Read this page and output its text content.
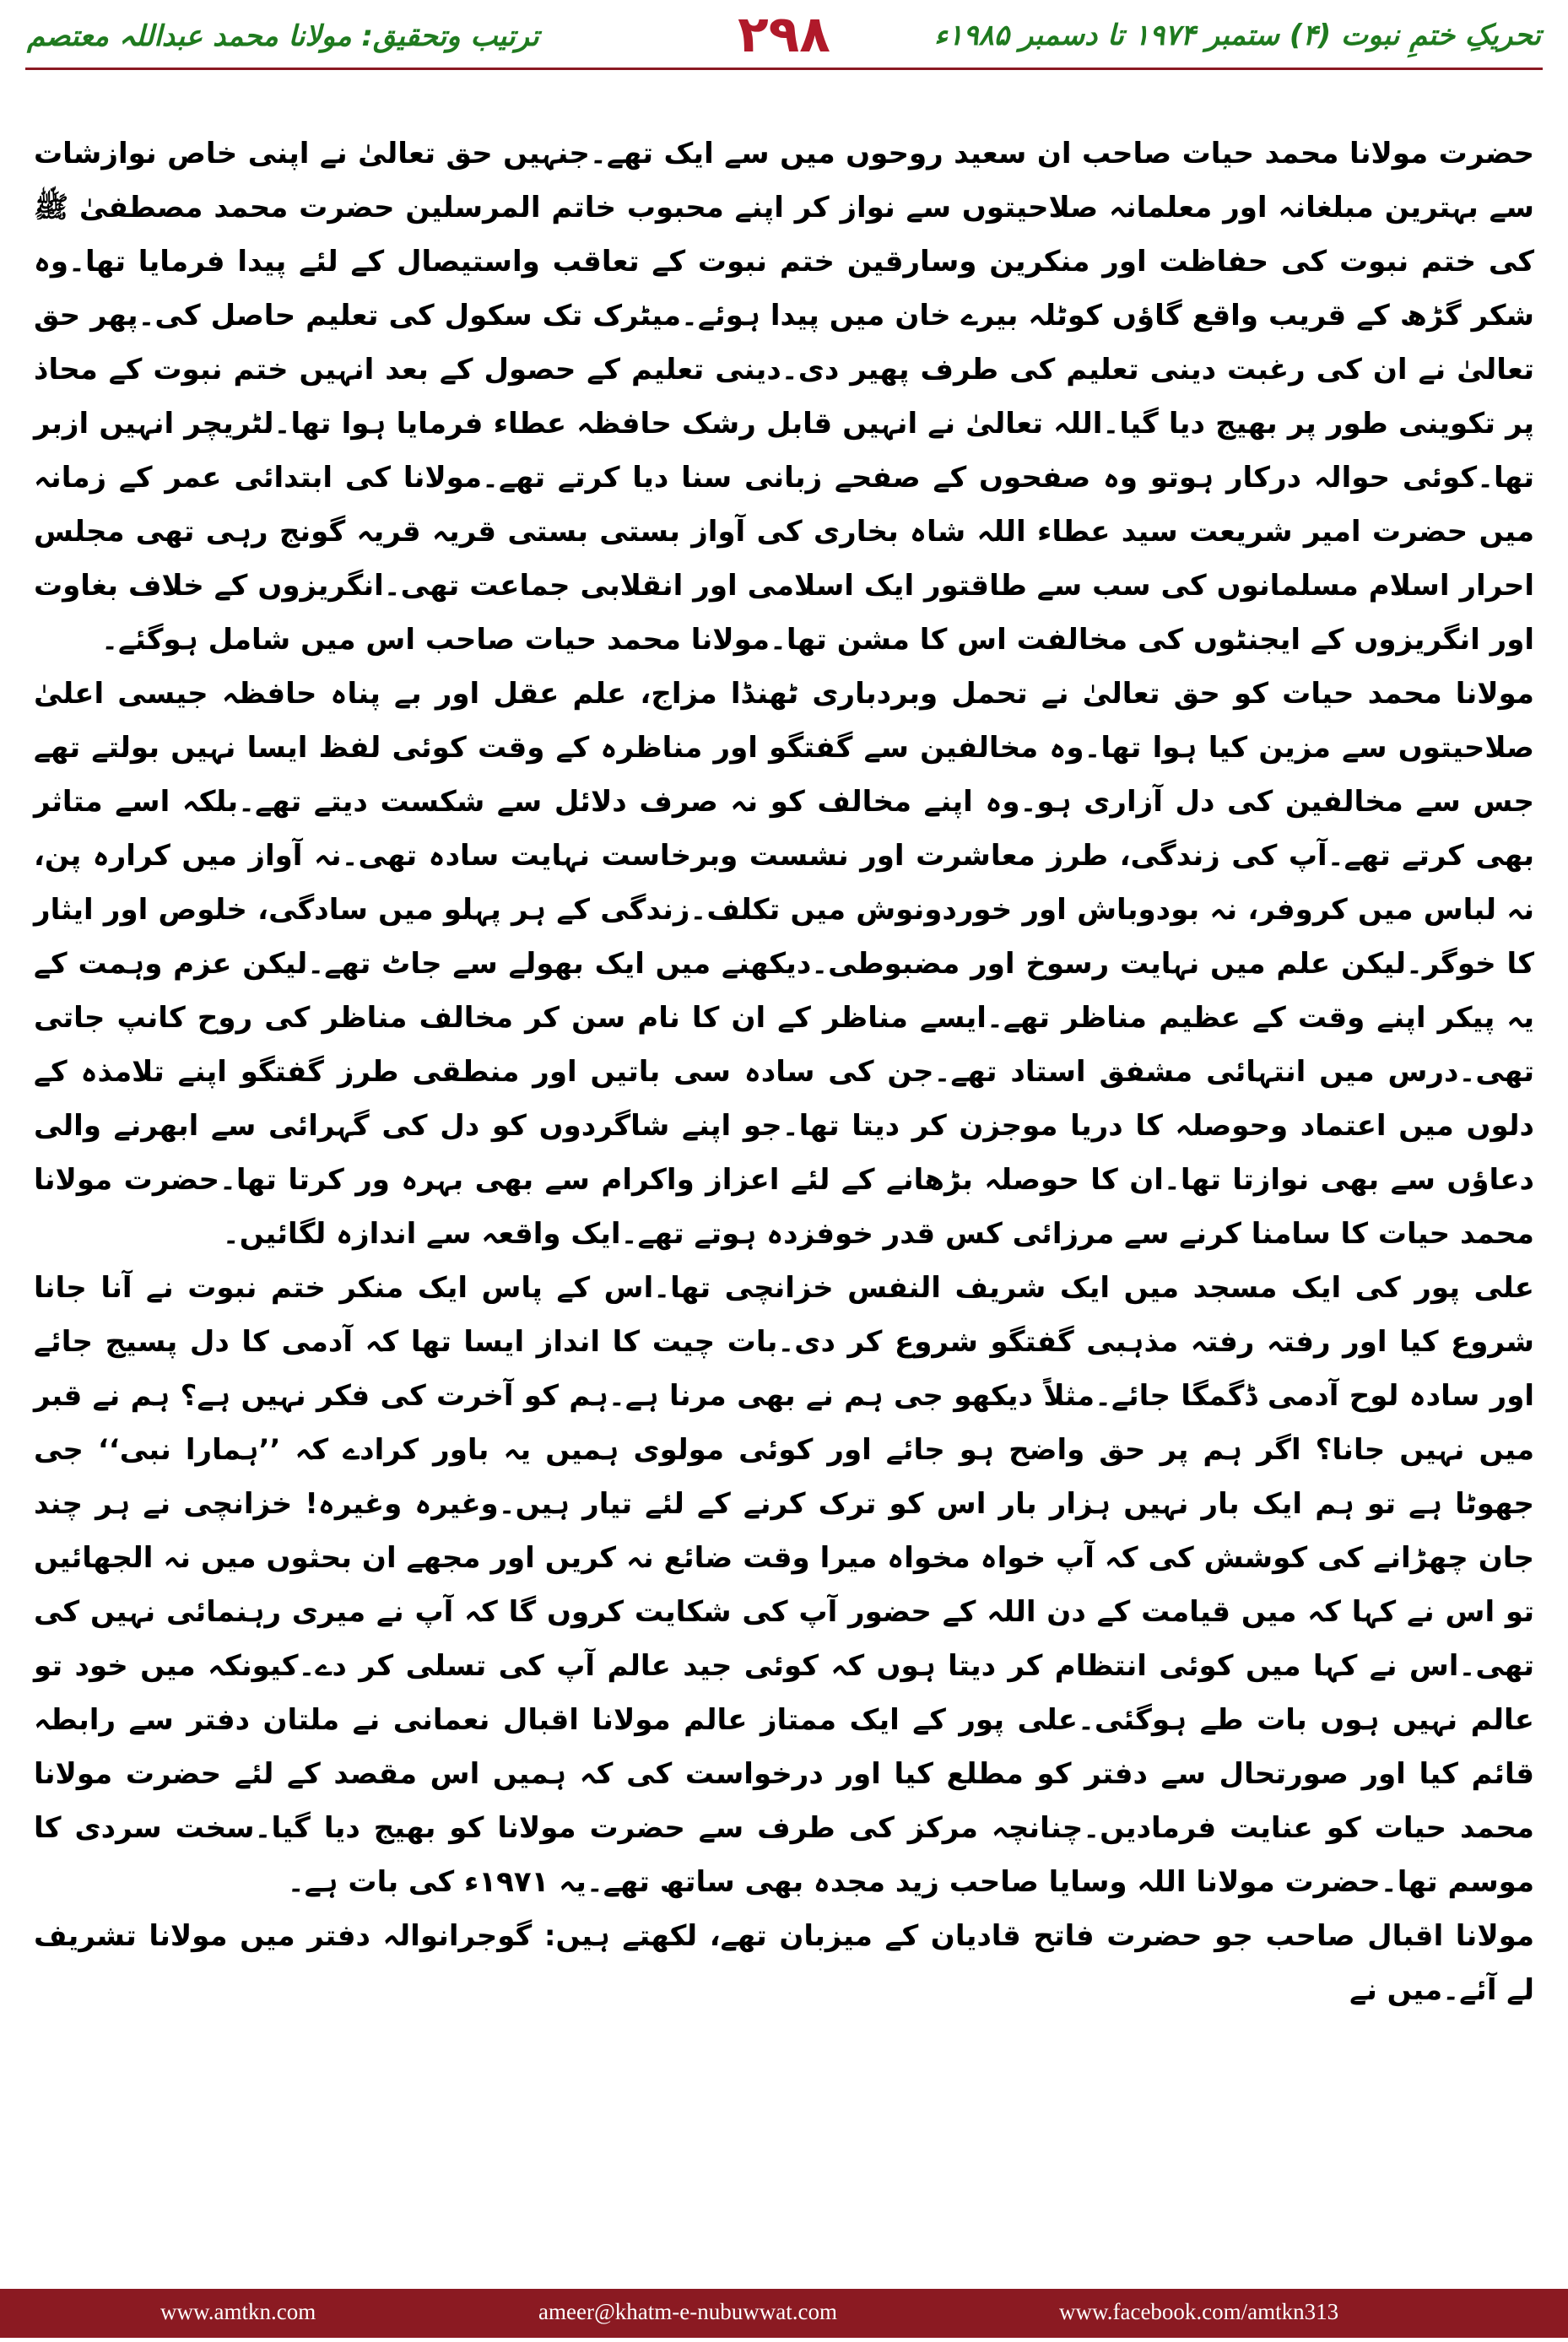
ترتیب وتحقیق: مولانا محمد عبداللہ معتصم	۲۹۸	تحریکِ ختمِ نبوت (۴) ستمبر ۱۹۷۴ تا دسمبر ۱۹۸۵ء

حضرت مولانا محمد حیات صاحب ان سعید روحوں میں سے ایک تھے۔جنہیں حق تعالیٰ نے اپنی خاص نوازشات سے بہترین مبلغانہ اور معلمانہ صلاحیتوں سے نواز کر اپنے محبوب خاتم المرسلین حضرت محمد مصطفیٰ ﷺ کی ختم نبوت کی حفاظت اور منکرین وسارقین ختم نبوت کے تعاقب واستیصال کے لئے پیدا فرمایا تھا۔وہ شکر گڑھ کے قریب واقع گاؤں کوٹلہ بیرے خان میں پیدا ہوئے۔میٹرک تک سکول کی تعلیم حاصل کی۔پھر حق تعالیٰ نے ان کی رغبت دینی تعلیم کی طرف پھیر دی۔دینی تعلیم کے حصول کے بعد انہیں ختم نبوت کے محاذ پر تکوینی طور پر بھیج دیا گیا۔اللہ تعالیٰ نے انہیں قابل رشک حافظہ عطاء فرمایا ہوا تھا۔لٹریچر انہیں ازبر تھا۔کوئی حوالہ درکار ہوتو وہ صفحوں کے صفحے زبانی سنا دیا کرتے تھے۔مولانا کی ابتدائی عمر کے زمانہ میں حضرت امیر شریعت سید عطاء اللہ شاہ بخاری کی آواز بستی بستی قریہ قریہ گونج رہی تھی مجلس احرار اسلام مسلمانوں کی سب سے طاقتور ایک اسلامی اور انقلابی جماعت تھی۔انگریزوں کے خلاف بغاوت اور انگریزوں کے ایجنٹوں کی مخالفت اس کا مشن تھا۔مولانا محمد حیات صاحب اس میں شامل ہوگئے۔

مولانا محمد حیات کو حق تعالیٰ نے تحمل وبردباری ٹھنڈا مزاج، علم عقل اور بے پناہ حافظہ جیسی اعلیٰ صلاحیتوں سے مزین کیا ہوا تھا۔وہ مخالفین سے گفتگو اور مناظرہ کے وقت کوئی لفظ ایسا نہیں بولتے تھے جس سے مخالفین کی دل آزاری ہو۔وہ اپنے مخالف کو نہ صرف دلائل سے شکست دیتے تھے۔بلکہ اسے متاثر بھی کرتے تھے۔آپ کی زندگی، طرز معاشرت اور نشست وبرخاست نہایت سادہ تھی۔نہ آواز میں کرارہ پن، نہ لباس میں کروفر، نہ بودوباش اور خوردونوش میں تکلف۔زندگی کے ہر پہلو میں سادگی، خلوص اور ایثار کا خوگر۔لیکن علم میں نہایت رسوخ اور مضبوطی۔دیکھنے میں ایک بھولے سے جاٹ تھے۔لیکن عزم وہمت کے یہ پیکر اپنے وقت کے عظیم مناظر تھے۔ایسے مناظر کے ان کا نام سن کر مخالف مناظر کی روح کانپ جاتی تھی۔درس میں انتہائی مشفق استاد تھے۔جن کی سادہ سی باتیں اور منطقی طرز گفتگو اپنے تلامذہ کے دلوں میں اعتماد وحوصلہ کا دریا موجزن کر دیتا تھا۔جو اپنے شاگردوں کو دل کی گہرائی سے ابھرنے والی دعاؤں سے بھی نوازتا تھا۔ان کا حوصلہ بڑھانے کے لئے اعزاز واکرام سے بھی بہرہ ور کرتا تھا۔حضرت مولانا محمد حیات کا سامنا کرنے سے مرزائی کس قدر خوفزدہ ہوتے تھے۔ایک واقعہ سے اندازہ لگائیں۔

علی پور کی ایک مسجد میں ایک شریف النفس خزانچی تھا۔اس کے پاس ایک منکر ختم نبوت نے آنا جانا شروع کیا اور رفتہ رفتہ مذہبی گفتگو شروع کر دی۔بات چیت کا انداز ایسا تھا کہ آدمی کا دل پسیج جائے اور سادہ لوح آدمی ڈگمگا جائے۔مثلاً دیکھو جی ہم نے بھی مرنا ہے۔ہم کو آخرت کی فکر نہیں ہے؟ ہم نے قبر میں نہیں جانا؟ اگر ہم پر حق واضح ہو جائے اور کوئی مولوی ہمیں یہ باور کرادے کہ ’’ہمارا نبی‘‘ جی جھوٹا ہے تو ہم ایک بار نہیں ہزار بار اس کو ترک کرنے کے لئے تیار ہیں۔وغیرہ وغیرہ! خزانچی نے ہر چند جان چھڑانے کی کوشش کی کہ آپ خواہ مخواہ میرا وقت ضائع نہ کریں اور مجھے ان بحثوں میں نہ الجھائیں تو اس نے کہا کہ میں قیامت کے دن اللہ کے حضور آپ کی شکایت کروں گا کہ آپ نے میری رہنمائی نہیں کی تھی۔اس نے کہا میں کوئی انتظام کر دیتا ہوں کہ کوئی جید عالم آپ کی تسلی کر دے۔کیونکہ میں خود تو عالم نہیں ہوں بات طے ہوگئی۔علی پور کے ایک ممتاز عالم مولانا اقبال نعمانی نے ملتان دفتر سے رابطہ قائم کیا اور صورتحال سے دفتر کو مطلع کیا اور درخواست کی کہ ہمیں اس مقصد کے لئے حضرت مولانا محمد حیات کو عنایت فرمادیں۔چنانچہ مرکز کی طرف سے حضرت مولانا کو بھیج دیا گیا۔سخت سردی کا موسم تھا۔حضرت مولانا اللہ وسایا صاحب زید مجدہ بھی ساتھ تھے۔یہ ۱۹۷۱ء کی بات ہے۔

مولانا اقبال صاحب جو حضرت فاتح قادیان کے میزبان تھے، لکھتے ہیں: گوجرانوالہ دفتر میں مولانا تشریف لے آئے۔میں نے

www.amtkn.com	ameer@khatm-e-nubuwwat.com	www.facebook.com/amtkn313
